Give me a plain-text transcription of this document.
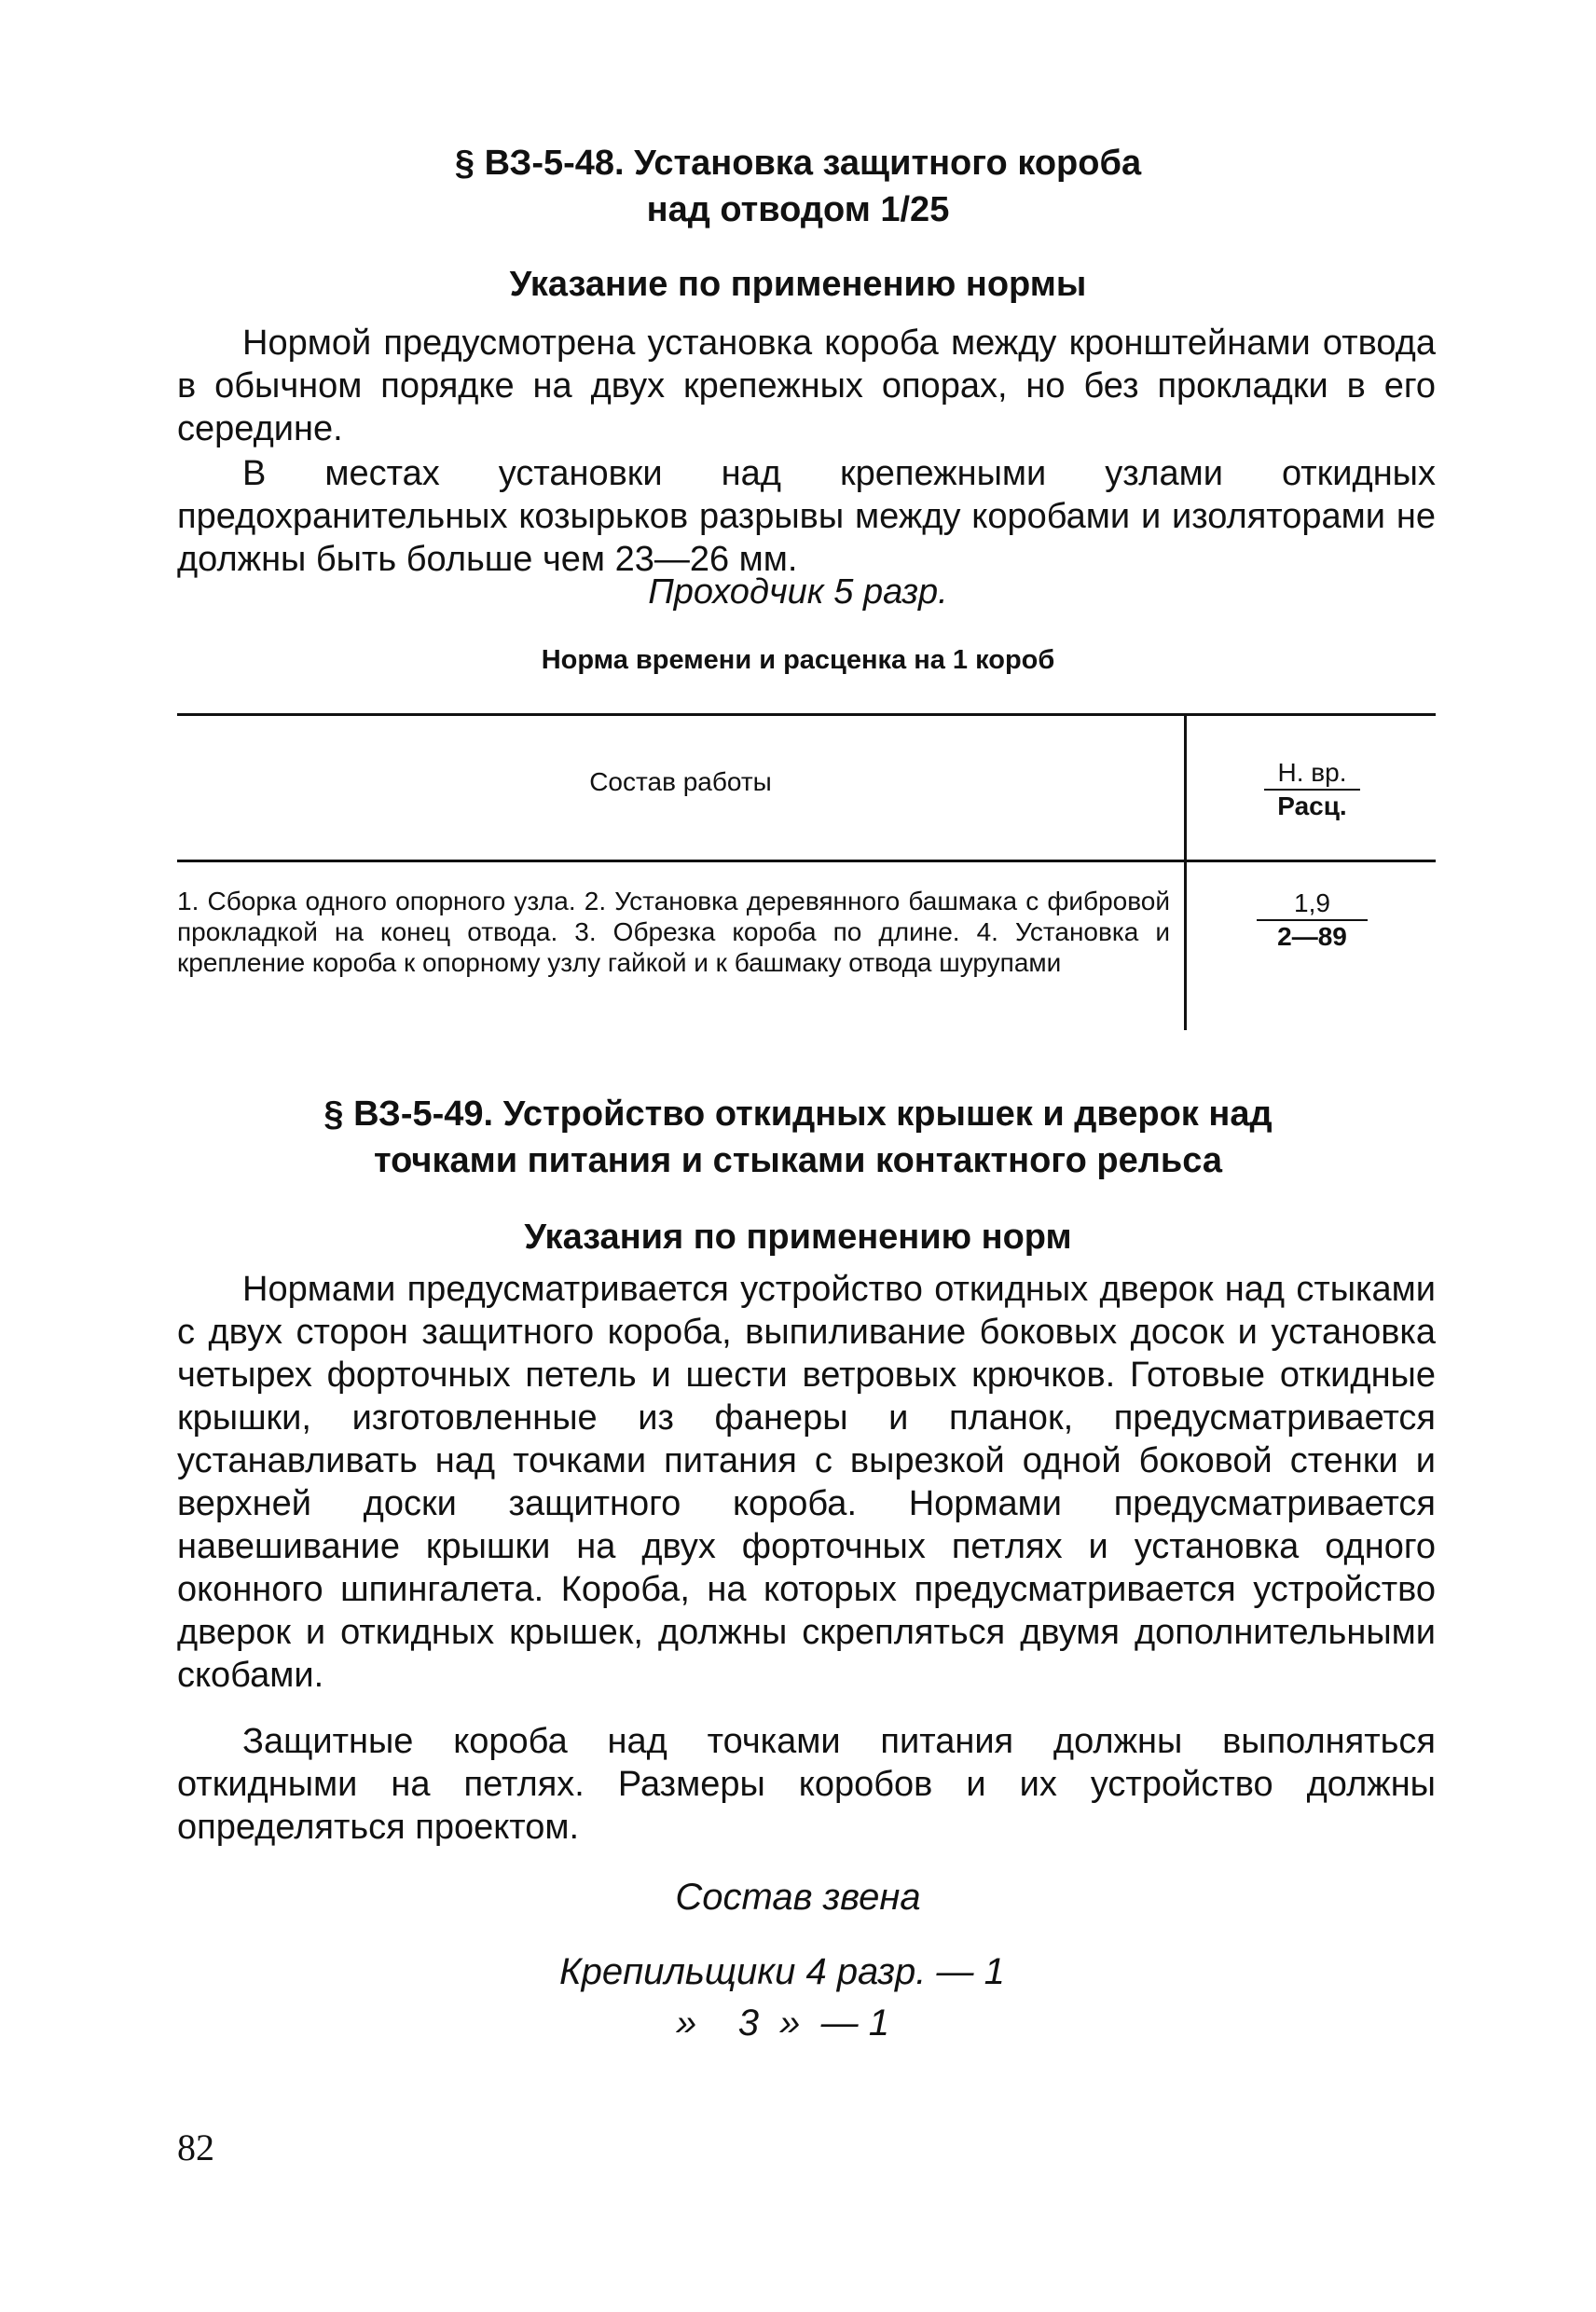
§ ВЗ-5-48. Установка защитного короба

над отводом 1/25

Указание по применению нормы

Нормой предусмотрена установка короба между кронштейнами отвода в обычном порядке на двух крепежных опорах, но без прокладки в его середине.

В местах установки над крепежными узлами откидных предохранительных козырьков разрывы между коробами и изоляторами не должны быть больше чем 23—26 мм.

Проходчик 5 разр.

Норма времени и расценка на 1 короб

Состав работы	Н. вр.
Расц.

1. Сборка одного опорного узла. 2. Установка деревянного башмака с фибровой прокладкой на конец отвода. 3. Обрезка короба по длине. 4. Установка и крепление короба к опорному узлу гайкой и к башмаку отвода шурупами

$\frac{1,9}{2—89}$

§ ВЗ-5-49. Устройство откидных крышек и дверок над

точками питания и стыками контактного рельса

Указания по применению норм

Нормами предусматривается устройство откидных дверок над стыками с двух сторон защитного короба, выпиливание боковых досок и установка четырех форточных петель и шести ветровых крючков. Готовые откидные крышки, изготовленные из фанеры и планок, предусматривается устанавливать над точками питания с вырезкой одной боковой стенки и верхней доски защитного короба. Нормами предусматривается навешивание крышки на двух форточных петлях и установка одного оконного шпингалета. Короба, на которых предусматривается устройство дверок и откидных крышек, должны скрепляться двумя дополнительными скобами.

Защитные короба над точками питания должны выполняться откидными на петлях. Размеры коробов и их устройство должны определяться проектом.

Состав звена

Крепильщики 4 разр. — 1

»    3  »  — 1

82
